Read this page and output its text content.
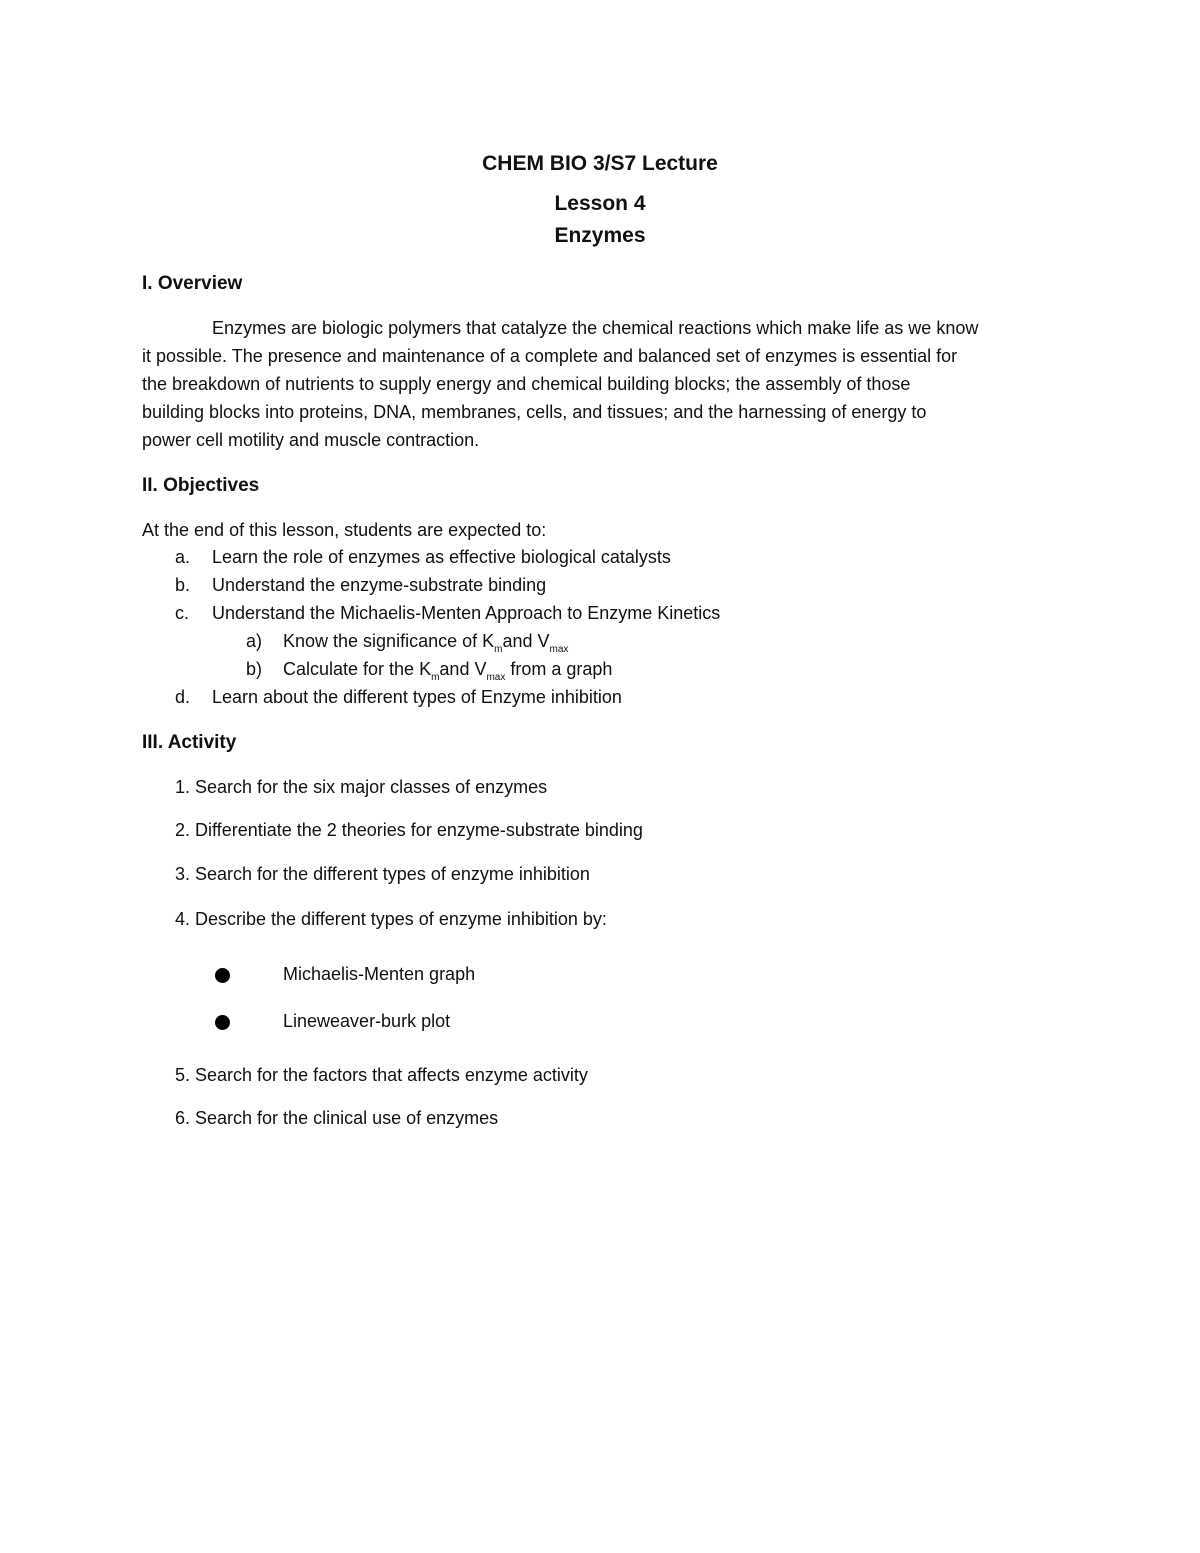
CHEM BIO 3/S7 Lecture
Lesson 4
Enzymes
I. Overview
Enzymes are biologic polymers that catalyze the chemical reactions which make life as we know
it possible. The presence and maintenance of a complete and balanced set of enzymes is essential for
the breakdown of nutrients to supply energy and chemical building blocks; the assembly of those
building blocks into proteins, DNA, membranes, cells, and tissues; and the harnessing of energy to
power cell motility and muscle contraction.
II. Objectives
At the end of this lesson, students are expected to:
a. Learn the role of enzymes as effective biological catalysts
b. Understand the enzyme-substrate binding
c. Understand the Michaelis-Menten Approach to Enzyme Kinetics
a) Know the significance of $K_mand$ $V_{max}$
b) Calculate for the $K_mand$ $V_{max}$ from a graph
d. Learn about the different types of Enzyme inhibition
III. Activity
1. Search for the six major classes of enzymes
2. Differentiate the 2 theories for enzyme-substrate binding
3. Search for the different types of enzyme inhibition
4. Describe the different types of enzyme inhibition by:
Michaelis-Menten graph
Lineweaver-burk plot
5. Search for the factors that affects enzyme activity
6. Search for the clinical use of enzymes
